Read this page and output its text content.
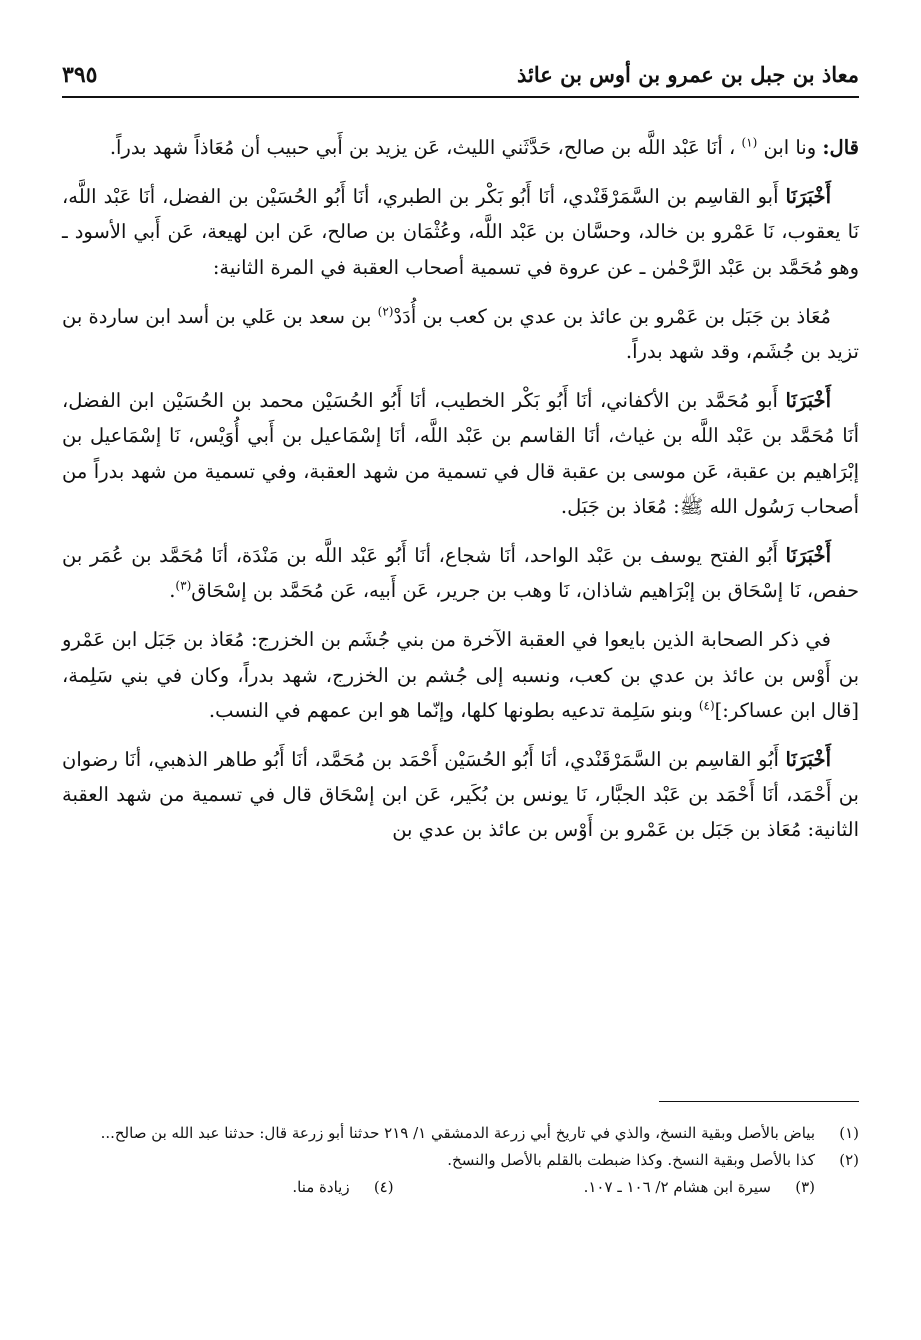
معاذ بن جبل بن عمرو بن أوس بن عائذ
٣٩٥

قال: ونا ابن $^{(١)}$ ، أنَا عَبْد اللَّه بن صالح، حَدَّثَني الليث، عَن يزيد بن أَبي حبيب أن مُعَاذاً شهد بدراً.

أَخْبَرَنَا أَبو القاسِم بن السَّمَرْقَنْدي، أنَا أَبُو بَكْر بن الطبري، أنَا أَبُو الحُسَيْن بن الفضل، أنَا عَبْد اللَّه، نَا يعقوب، نَا عَمْرو بن خالد، وحسَّان بن عَبْد اللَّه، وعُثْمَان بن صالح، عَن ابن لهيعة، عَن أَبي الأسود ـ وهو مُحَمَّد بن عَبْد الرَّحْمٰن ـ عن عروة في تسمية أصحاب العقبة في المرة الثانية:

مُعَاذ بن جَبَل بن عَمْرو بن عائذ بن عدي بن كعب بن أُدَدْ$^{(٢)}$ بن سعد بن عَلي بن أسد ابن ساردة بن تزيد بن جُشَم، وقد شهد بدراً.

أَخْبَرَنَا أَبو مُحَمَّد بن الأكفاني، أنَا أَبُو بَكْر الخطيب، أنَا أَبُو الحُسَيْن محمد بن الحُسَيْن ابن الفضل، أنَا مُحَمَّد بن عَبْد اللَّه بن غياث، أنَا القاسم بن عَبْد اللَّه، أنَا إسْمَاعيل بن أَبي أُوَيْس، نَا إسْمَاعيل بن إبْرَاهيم بن عقبة، عَن موسى بن عقبة قال في تسمية من شهد العقبة، وفي تسمية من شهد بدراً من أصحاب رَسُول الله ﷺ: مُعَاذ بن جَبَل.

أَخْبَرَنَا أَبُو الفتح يوسف بن عَبْد الواحد، أنَا شجاع، أنَا أَبُو عَبْد اللَّه بن مَنْدَة، أنَا مُحَمَّد بن عُمَر بن حفص، نَا إسْحَاق بن إبْرَاهيم شاذان، نَا وهب بن جرير، عَن أَبيه، عَن مُحَمَّد بن إسْحَاق$^{(٣)}$.

في ذكر الصحابة الذين بايعوا في العقبة الآخرة من بني جُشَم بن الخزرج: مُعَاذ بن جَبَل ابن عَمْرو بن أَوْس بن عائذ بن عدي بن كعب، ونسبه إلى جُشم بن الخزرج، شهد بدراً، وكان في بني سَلِمة، [قال ابن عساكر:]$^{(٤)}$ وبنو سَلِمة تدعيه بطونها كلها، وإنّما هو ابن عمهم في النسب.

أَخْبَرَنَا أَبُو القاسِم بن السَّمَرْقَنْدي، أنَا أَبُو الحُسَيْن أَحْمَد بن مُحَمَّد، أنَا أَبُو طاهر الذهبي، أنَا رضوان بن أَحْمَد، أنَا أَحْمَد بن عَبْد الجبَّار، نَا يونس بن بُكَير، عَن ابن إسْحَاق قال في تسمية من شهد العقبة الثانية: مُعَاذ بن جَبَل بن عَمْرو بن أَوْس بن عائذ بن عدي بن

(١)
بياض بالأصل وبقية النسخ، والذي في تاريخ أبي زرعة الدمشقي ١/ ٢١٩ حدثنا أبو زرعة قال: حدثنا عبد الله بن صالح...
(٢)
كذا بالأصل وبقية النسخ. وكذا ضبطت بالقلم بالأصل والنسخ.
(٣)
سيرة ابن هشام ٢/ ١٠٦ ـ ١٠٧.
(٤)
زيادة منا.
